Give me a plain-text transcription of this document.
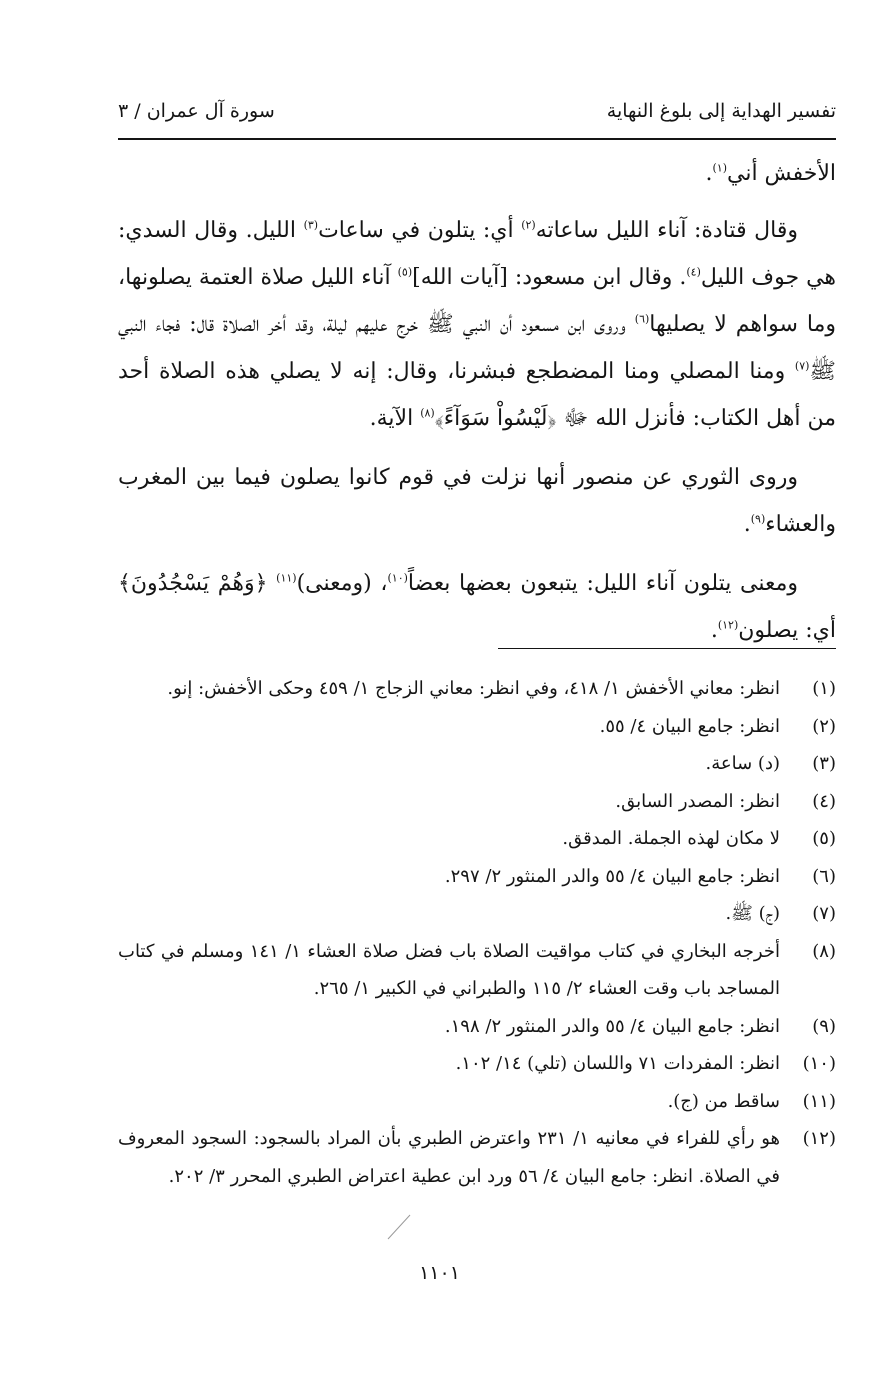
تفسير الهداية إلى بلوغ النهاية
سورة آل عمران / ٣

الأخفش أني$^{(١)}$.

وقال قتادة: آناء الليل ساعاته$^{(٢)}$ أي: يتلون في ساعات$^{(٣)}$ الليل. وقال السدي: هي جوف الليل$^{(٤)}$. وقال ابن مسعود: [آيات الله]$^{(٥)}$ آناء الليل صلاة العتمة يصلونها، وما سواهم لا يصليها$^{(٦)}$ وروى ابن مسعود أن النبي ﷺ خرج عليهم ليلة، وقد أخر الصلاة قال: فجاء النبي ﷺ$^{(٧)}$ ومنا المصلي ومنا المضطجع فبشرنا، وقال: إنه لا يصلي هذه الصلاة أحد من أهل الكتاب: فأنزل الله ﷻ ﴿لَيْسُواْ سَوَآءً﴾$^{(٨)}$ الآية.

وروى الثوري عن منصور أنها نزلت في قوم كانوا يصلون فيما بين المغرب والعشاء$^{(٩)}$.

ومعنى يتلون آناء الليل: يتبعون بعضها بعضاً$^{(١٠)}$، (ومعنى)$^{(١١)}$ ﴿وَهُمْ يَسْجُدُونَ﴾ أي: يصلون$^{(١٢)}$.

(١)
انظر: معاني الأخفش ١/ ٤١٨، وفي انظر: معاني الزجاج ١/ ٤٥٩ وحكى الأخفش: إنو.
(٢)
انظر: جامع البيان ٤/ ٥٥.
(٣)
(د) ساعة.
(٤)
انظر: المصدر السابق.
(٥)
لا مكان لهذه الجملة. المدقق.
(٦)
انظر: جامع البيان ٤/ ٥٥ والدر المنثور ٢/ ٢٩٧.
(٧)
(ج) ﷺ.
(٨)
أخرجه البخاري في كتاب مواقيت الصلاة باب فضل صلاة العشاء ١/ ١٤١ ومسلم في كتاب المساجد باب وقت العشاء ٢/ ١١٥ والطبراني في الكبير ١/ ٢٦٥.
(٩)
انظر: جامع البيان ٤/ ٥٥ والدر المنثور ٢/ ١٩٨.
(١٠)
انظر: المفردات ٧١ واللسان (تلي) ١٤/ ١٠٢.
(١١)
ساقط من (ج).
(١٢)
هو رأي للفراء في معانيه ١/ ٢٣١ واعترض الطبري بأن المراد بالسجود: السجود المعروف في الصلاة. انظر: جامع البيان ٤/ ٥٦ ورد ابن عطية اعتراض الطبري المحرر ٣/ ٢٠٢.
١١٠١
